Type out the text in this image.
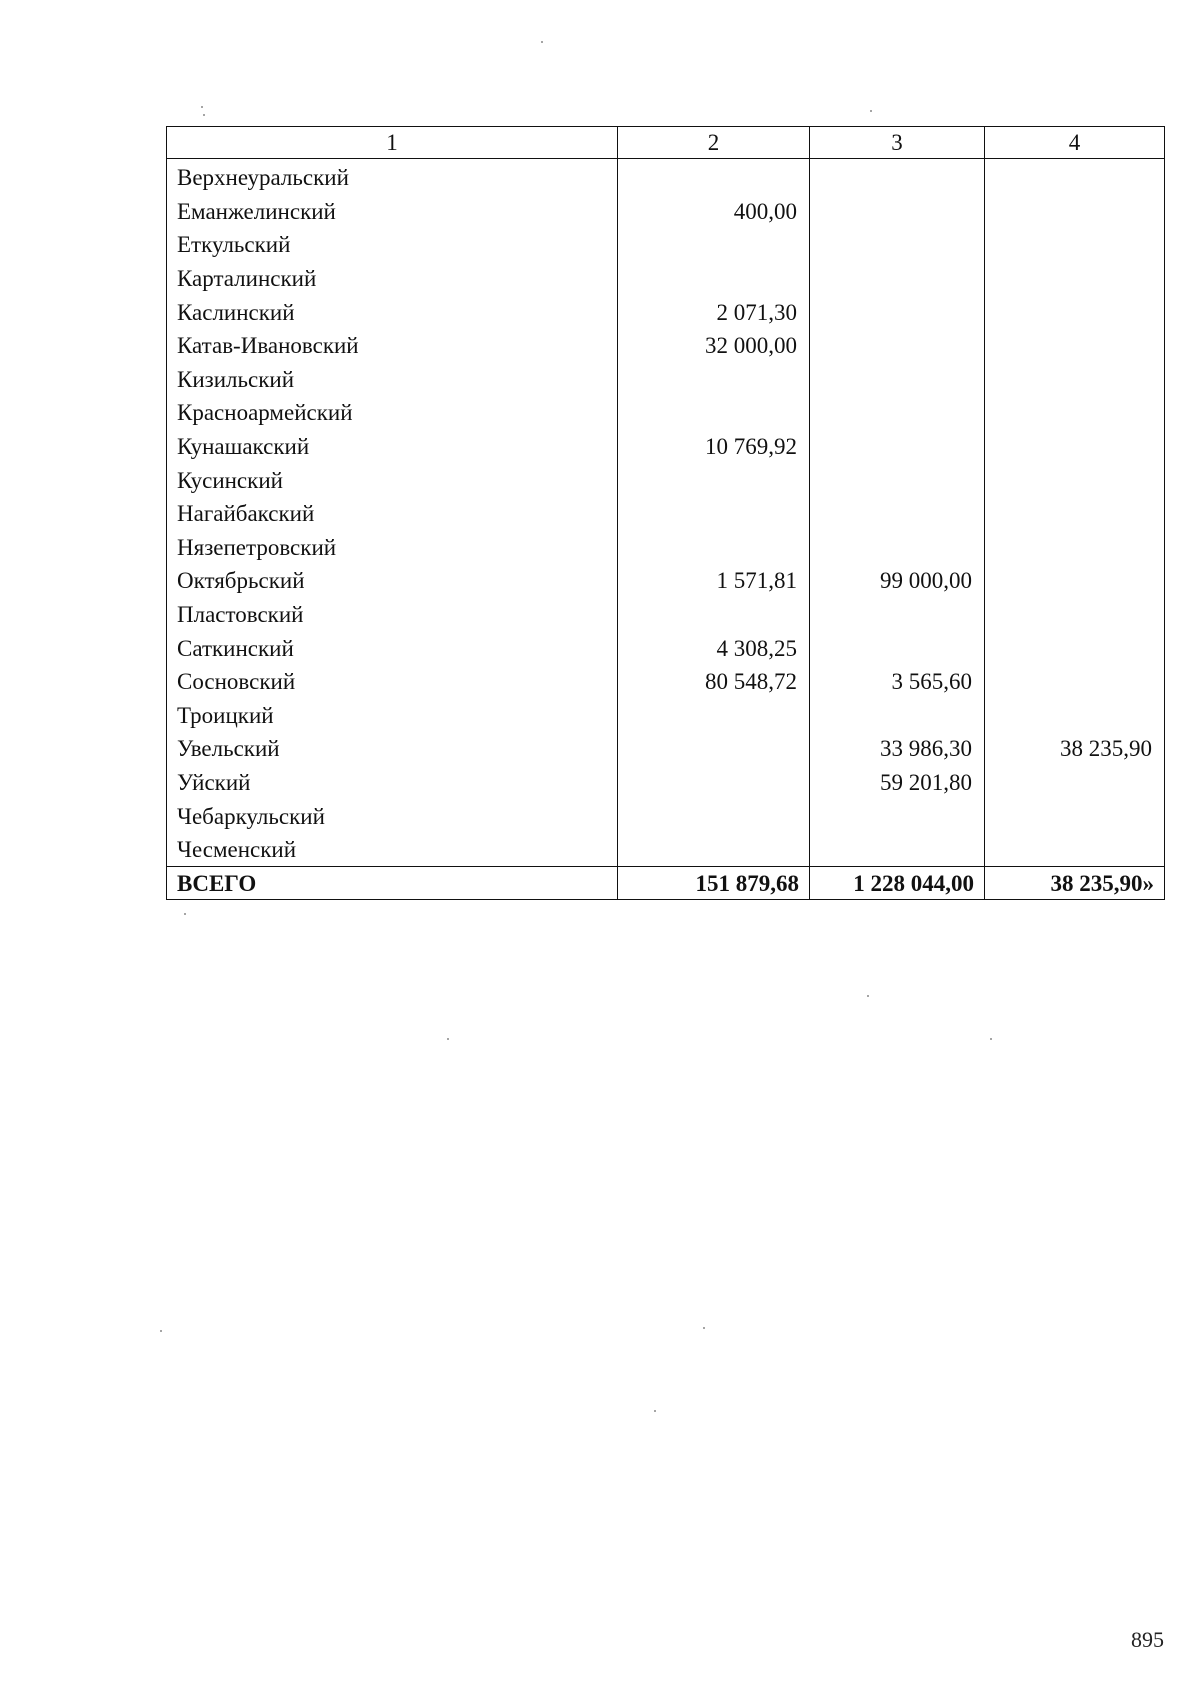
1	2	3	4
Верхнеуральский			
Еманжелинский	400,00		
Еткульский			
Карталинский			
Каслинский	2 071,30		
Катав-Ивановский	32 000,00		
Кизильский			
Красноармейский			
Кунашакский	10 769,92		
Кусинский			
Нагайбакский			
Нязепетровский			
Октябрьский	1 571,81	99 000,00	
Пластовский			
Саткинский	4 308,25		
Сосновский	80 548,72	3 565,60	
Троицкий			
Увельский		33 986,30	38 235,90
Уйский		59 201,80	
Чебаркульский			
Чесменский			
ВСЕГО	151 879,68	1 228 044,00	38 235,90»
895
